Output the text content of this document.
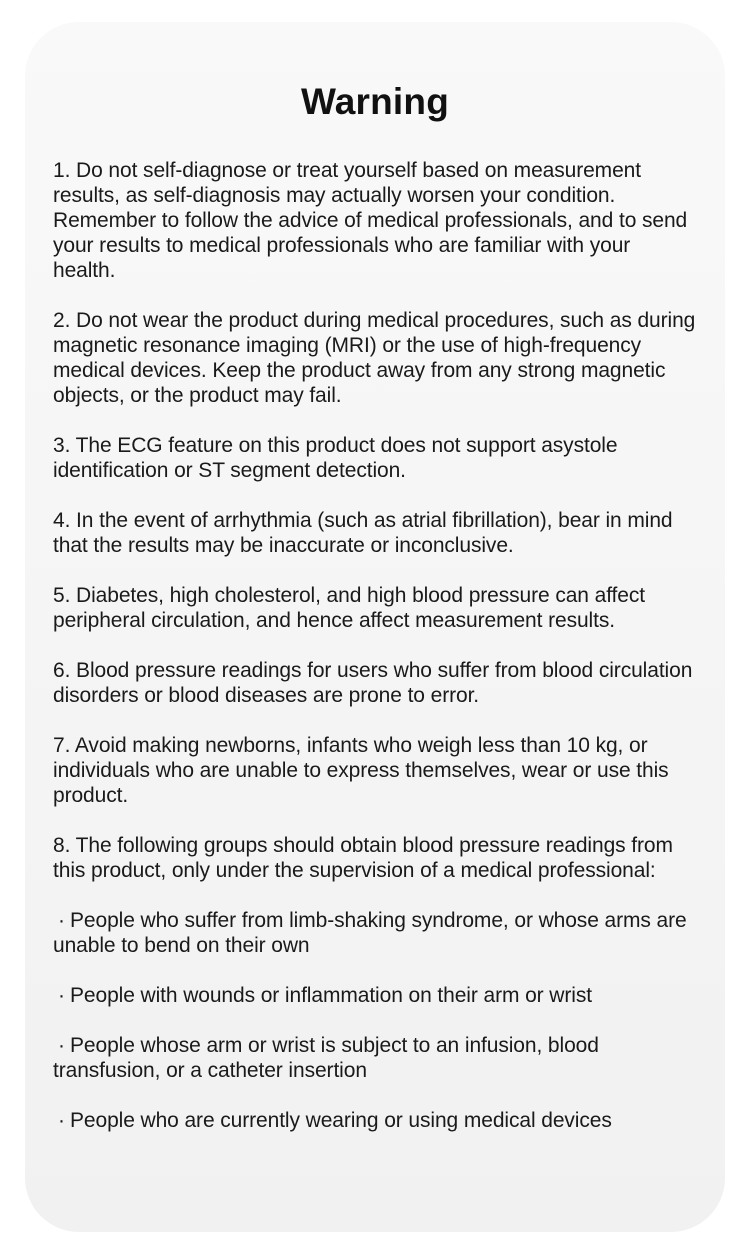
Warning

1. Do not self-diagnose or treat yourself based on measurement results, as self-diagnosis may actually worsen your condition. Remember to follow the advice of medical professionals, and to send your results to medical professionals who are familiar with your health.

2. Do not wear the product during medical procedures, such as during magnetic resonance imaging (MRI) or the use of high-frequency medical devices. Keep the product away from any strong magnetic objects, or the product may fail.

3. The ECG feature on this product does not support asystole identification or ST segment detection.

4. In the event of arrhythmia (such as atrial fibrillation), bear in mind that the results may be inaccurate or inconclusive.

5. Diabetes, high cholesterol, and high blood pressure can affect peripheral circulation, and hence affect measurement results.

6. Blood pressure readings for users who suffer from blood circulation disorders or blood diseases are prone to error.

7. Avoid making newborns, infants who weigh less than 10 kg, or individuals who are unable to express themselves, wear or use this product.

8. The following groups should obtain blood pressure readings from this product, only under the supervision of a medical professional:

· People who suffer from limb-shaking syndrome, or whose arms are unable to bend on their own

· People with wounds or inflammation on their arm or wrist

· People whose arm or wrist is subject to an infusion, blood transfusion, or a catheter insertion

· People who are currently wearing or using medical devices
